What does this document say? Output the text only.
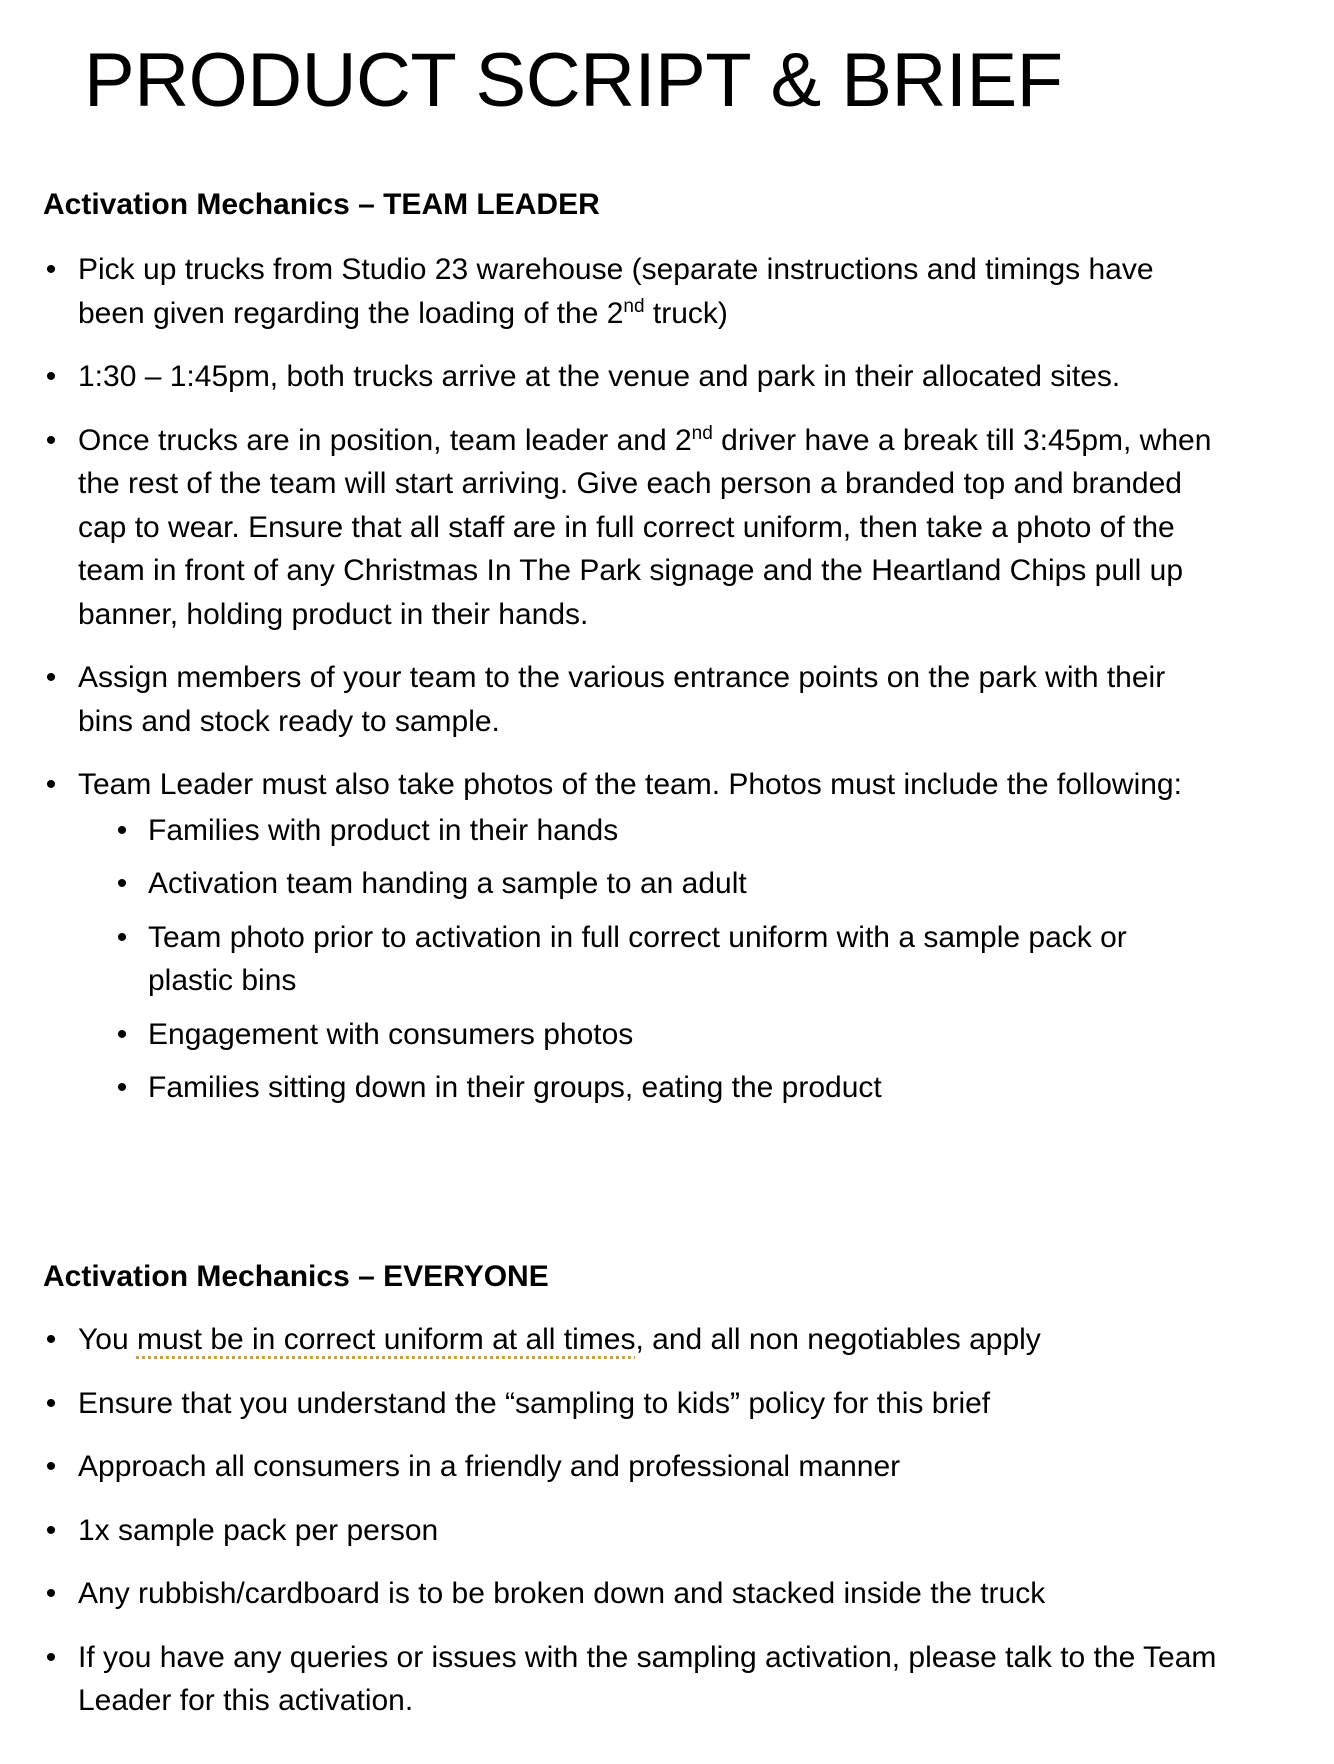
PRODUCT SCRIPT & BRIEF
Activation Mechanics – TEAM LEADER
• Pick up trucks from Studio 23 warehouse (separate instructions and timings have been given regarding the loading of the 2nd truck)
• 1:30 – 1:45pm, both trucks arrive at the venue and park in their allocated sites.
• Once trucks are in position, team leader and 2nd driver have a break till 3:45pm, when the rest of the team will start arriving. Give each person a branded top and branded cap to wear. Ensure that all staff are in full correct uniform, then take a photo of the team in front of any Christmas In The Park signage and the Heartland Chips pull up banner, holding product in their hands.
• Assign members of your team to the various entrance points on the park with their bins and stock ready to sample.
• Team Leader must also take photos of the team. Photos must include the following:
• Families with product in their hands
• Activation team handing a sample to an adult
• Team photo prior to activation in full correct uniform with a sample pack or plastic bins
• Engagement with consumers photos
• Families sitting down in their groups, eating the product
Activation Mechanics – EVERYONE
• You must be in correct uniform at all times, and all non negotiables apply
• Ensure that you understand the “sampling to kids” policy for this brief
• Approach all consumers in a friendly and professional manner
• 1x sample pack per person
• Any rubbish/cardboard is to be broken down and stacked inside the truck
• If you have any queries or issues with the sampling activation, please talk to the Team Leader for this activation.
